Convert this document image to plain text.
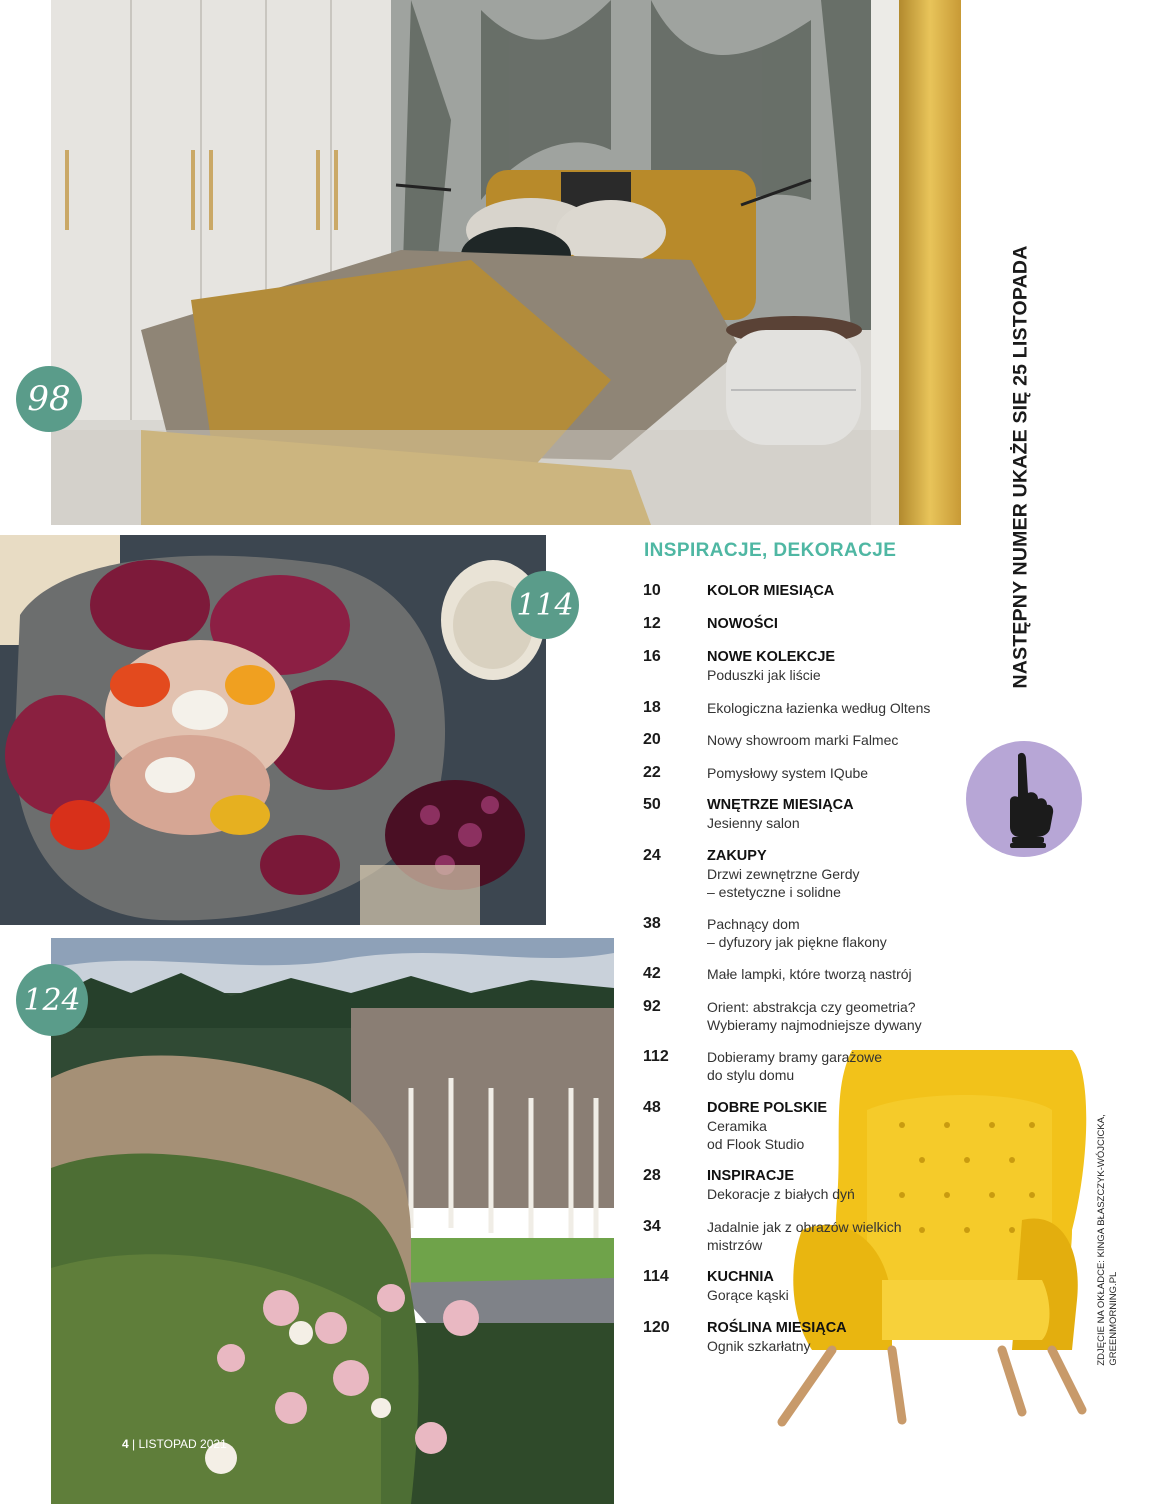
98
114
124
NASTĘPNY NUMER UKAŻE SIĘ 25 LISTOPADA
ZDJĘCIE NA OKŁADCE: KINGA BŁASZCZYK-WÓJCICKA, GREENMORNING.PL
INSPIRACJE, DEKORACJE
10	KOLOR MIESIĄCA
12	NOWOŚCI
16	NOWE KOLEKCJE
Poduszki jak liście
18	Ekologiczna łazienka według Oltens
20	Nowy showroom marki Falmec
22	Pomysłowy system IQube
50	WNĘTRZE MIESIĄCA
Jesienny salon
24	ZAKUPY
Drzwi zewnętrzne Gerdy
– estetyczne i solidne
38	Pachnący dom
– dyfuzory jak piękne flakony
42	Małe lampki, które tworzą nastrój
92	Orient: abstrakcja czy geometria?
Wybieramy najmodniejsze dywany
112	Dobieramy bramy garażowe
do stylu domu
48	DOBRE POLSKIE
Ceramika
od Flook Studio
28	INSPIRACJE
Dekoracje z białych dyń
34	Jadalnie jak z obrazów wielkich
mistrzów
114	KUCHNIA
Gorące kąski
120	ROŚLINA MIESIĄCA
Ognik szkarłatny
4 | LISTOPAD 2021
